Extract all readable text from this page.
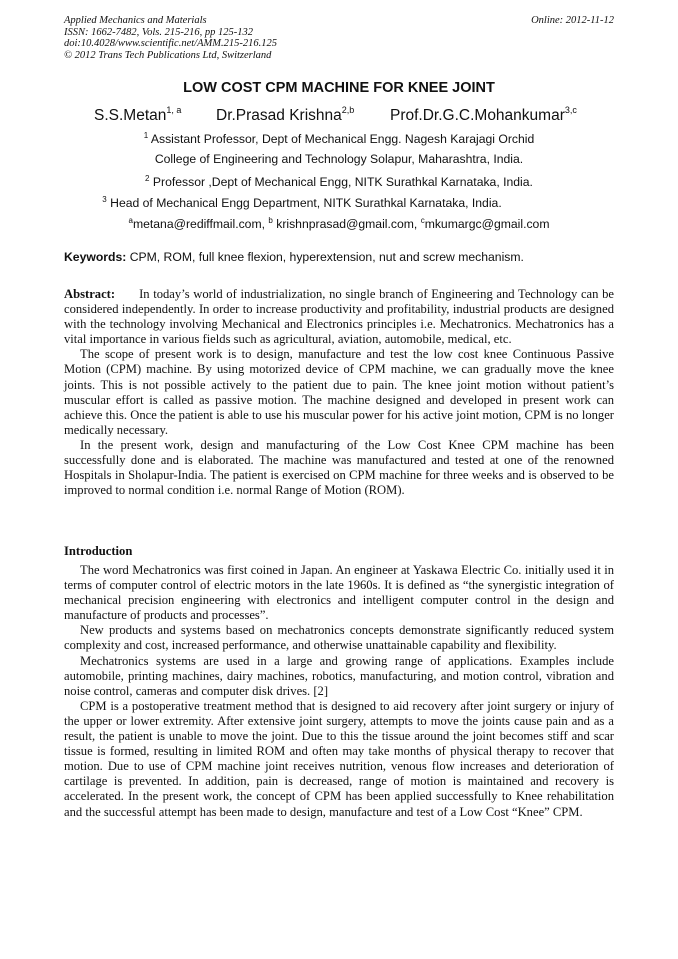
Applied Mechanics and Materials
ISSN: 1662-7482, Vols. 215-216, pp 125-132
doi:10.4028/www.scientific.net/AMM.215-216.125
© 2012 Trans Tech Publications Ltd, Switzerland
Online: 2012-11-12
LOW COST CPM MACHINE FOR KNEE JOINT
S.S.Metan$^{1, a}$ Dr.Prasad Krishna$^{2,b}$ Prof.Dr.G.C.Mohankumar$^{3,c}$
$^1$ Assistant Professor, Dept of Mechanical Engg. Nagesh Karajagi Orchid
College of Engineering and Technology Solapur, Maharashtra, India.
$^2$ Professor ,Dept of Mechanical Engg, NITK Surathkal Karnataka, India.
$^3$ Head of Mechanical Engg Department, NITK Surathkal Karnataka, India.
$^a$metana@rediffmail.com, $^b$ krishnprasad@gmail.com, $^c$mkumargc@gmail.com
Keywords: CPM, ROM, full knee flexion, hyperextension, nut and screw mechanism.

Abstract: In today’s world of industrialization, no single branch of Engineering and Technology can be considered independently. In order to increase productivity and profitability, industrial products are designed with the technology involving Mechanical and Electronics principles i.e. Mechatronics. Mechatronics has a vital importance in various fields such as agricultural, aviation, automobile, medical, etc.

The scope of present work is to design, manufacture and test the low cost knee Continuous Passive Motion (CPM) machine. By using motorized device of CPM machine, we can gradually move the knee joints. This is not possible actively to the patient due to pain. The knee joint motion without patient’s muscular effort is called as passive motion. The machine designed and developed in present work can achieve this. Once the patient is able to use his muscular power for his active joint motion, CPM is no longer medically necessary.

In the present work, design and manufacturing of the Low Cost Knee CPM machine has been successfully done and is elaborated. The machine was manufactured and tested at one of the renowned Hospitals in Sholapur-India. The patient is exercised on CPM machine for three weeks and is observed to be improved to normal condition i.e. normal Range of Motion (ROM).

Introduction

The word Mechatronics was first coined in Japan. An engineer at Yaskawa Electric Co. initially used it in terms of computer control of electric motors in the late 1960s. It is defined as “the synergistic integration of mechanical precision engineering with electronics and intelligent computer control in the design and manufacture of products and processes”.

New products and systems based on mechatronics concepts demonstrate significantly reduced system complexity and cost, increased performance, and otherwise unattainable capability and flexibility.

Mechatronics systems are used in a large and growing range of applications. Examples include automobile, printing machines, dairy machines, robotics, manufacturing, and motion control, vibration and noise control, cameras and computer disk drives. [2]

CPM is a postoperative treatment method that is designed to aid recovery after joint surgery or injury of the upper or lower extremity. After extensive joint surgery, attempts to move the joints cause pain and as a result, the patient is unable to move the joint. Due to this the tissue around the joint becomes stiff and scar tissue is formed, resulting in limited ROM and often may take months of physical therapy to recover that motion. Due to use of CPM machine joint receives nutrition, venous flow increases and deterioration of cartilage is prevented. In addition, pain is decreased, range of motion is maintained and recovery is accelerated. In the present work, the concept of CPM has been applied successfully to Knee rehabilitation and the successful attempt has been made to design, manufacture and test of a Low Cost “Knee” CPM.
